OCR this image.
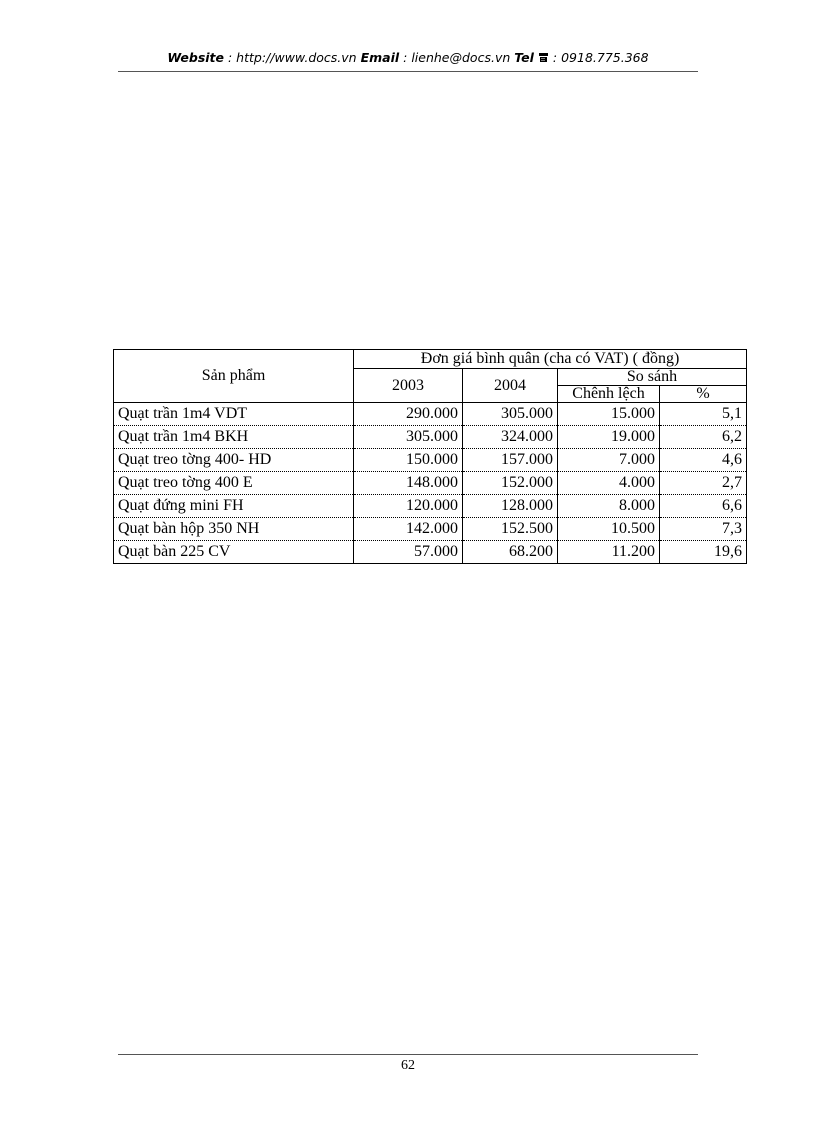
Website : http://www.docs.vn Email : lienhe@docs.vn Tel : 0918.775.368
Sản phẩm	Đơn giá bình quân (cha có VAT) ( đồng)			
	2003	2004	So sánh	
			Chênh lệch	%
Quạt trần 1m4 VDT	290.000	305.000	15.000	5,1
Quạt trần 1m4 BKH	305.000	324.000	19.000	6,2
Quạt treo tờng 400- HD	150.000	157.000	7.000	4,6
Quạt treo tờng 400 E	148.000	152.000	4.000	2,7
Quạt đứng mini FH	120.000	128.000	8.000	6,6
Quạt bàn hộp 350 NH	142.000	152.500	10.500	7,3
Quạt bàn 225 CV	57.000	68.200	11.200	19,6
62
